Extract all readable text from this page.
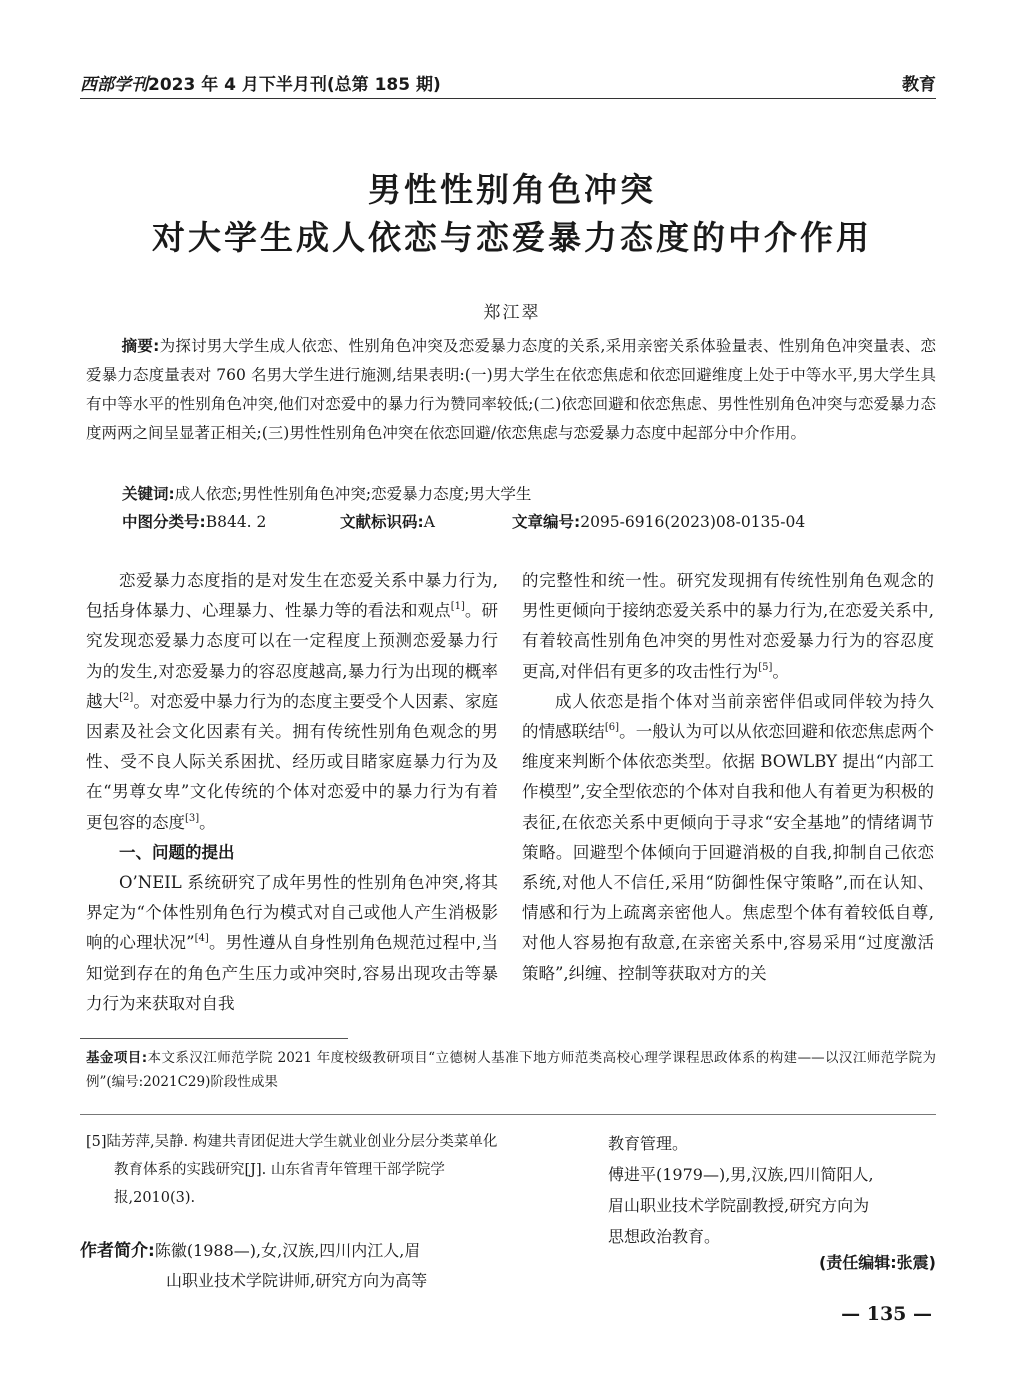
西部学刊2023 年 4 月下半月刊(总第 185 期)	教育
男性性别角色冲突
对大学生成人依恋与恋爱暴力态度的中介作用
郑江翠
摘要:为探讨男大学生成人依恋、性别角色冲突及恋爱暴力态度的关系,采用亲密关系体验量表、性别角色冲突量表、恋爱暴力态度量表对 760 名男大学生进行施测,结果表明:(一)男大学生在依恋焦虑和依恋回避维度上处于中等水平,男大学生具有中等水平的性别角色冲突,他们对恋爱中的暴力行为赞同率较低;(二)依恋回避和依恋焦虑、男性性别角色冲突与恋爱暴力态度两两之间呈显著正相关;(三)男性性别角色冲突在依恋回避/依恋焦虑与恋爱暴力态度中起部分中介作用。
关键词:成人依恋;男性性别角色冲突;恋爱暴力态度;男大学生
中图分类号:B844. 2	文献标识码:A	文章编号:2095-6916(2023)08-0135-04

恋爱暴力态度指的是对发生在恋爱关系中暴力行为,包括身体暴力、心理暴力、性暴力等的看法和观点[1]。研究发现恋爱暴力态度可以在一定程度上预测恋爱暴力行为的发生,对恋爱暴力的容忍度越高,暴力行为出现的概率越大[2]。对恋爱中暴力行为的态度主要受个人因素、家庭因素及社会文化因素有关。拥有传统性别角色观念的男性、受不良人际关系困扰、经历或目睹家庭暴力行为及在“男尊女卑”文化传统的个体对恋爱中的暴力行为有着更包容的态度[3]。

一、问题的提出

O’NEIL 系统研究了成年男性的性别角色冲突,将其界定为“个体性别角色行为模式对自己或他人产生消极影响的心理状况”[4]。男性遵从自身性别角色规范过程中,当知觉到存在的角色产生压力或冲突时,容易出现攻击等暴力行为来获取对自我

的完整性和统一性。研究发现拥有传统性别角色观念的男性更倾向于接纳恋爱关系中的暴力行为,在恋爱关系中,有着较高性别角色冲突的男性对恋爱暴力行为的容忍度更高,对伴侣有更多的攻击性行为[5]。

成人依恋是指个体对当前亲密伴侣或同伴较为持久的情感联结[6]。一般认为可以从依恋回避和依恋焦虑两个维度来判断个体依恋类型。依据 BOWLBY 提出“内部工作模型”,安全型依恋的个体对自我和他人有着更为积极的表征,在依恋关系中更倾向于寻求“安全基地”的情绪调节策略。回避型个体倾向于回避消极的自我,抑制自己依恋系统,对他人不信任,采用“防御性保守策略”,而在认知、情感和行为上疏离亲密他人。焦虑型个体有着较低自尊,对他人容易抱有敌意,在亲密关系中,容易采用“过度激活策略”,纠缠、控制等获取对方的关

基金项目:本文系汉江师范学院 2021 年度校级教研项目“立德树人基准下地方师范类高校心理学课程思政体系的构建——以汉江师范学院为例”(编号:2021C29)阶段性成果

[5]陆芳萍,吴静. 构建共青团促进大学生就业创业分层分类菜单化教育体系的实践研究[J]. 山东省青年管理干部学院学报,2010(3).

作者简介:陈徽(1988—),女,汉族,四川内江人,眉

山职业技术学院讲师,研究方向为高等

教育管理。

傅进平(1979—),男,汉族,四川简阳人,

眉山职业技术学院副教授,研究方向为

思想政治教育。

(责任编辑:张震)
— 135 —
